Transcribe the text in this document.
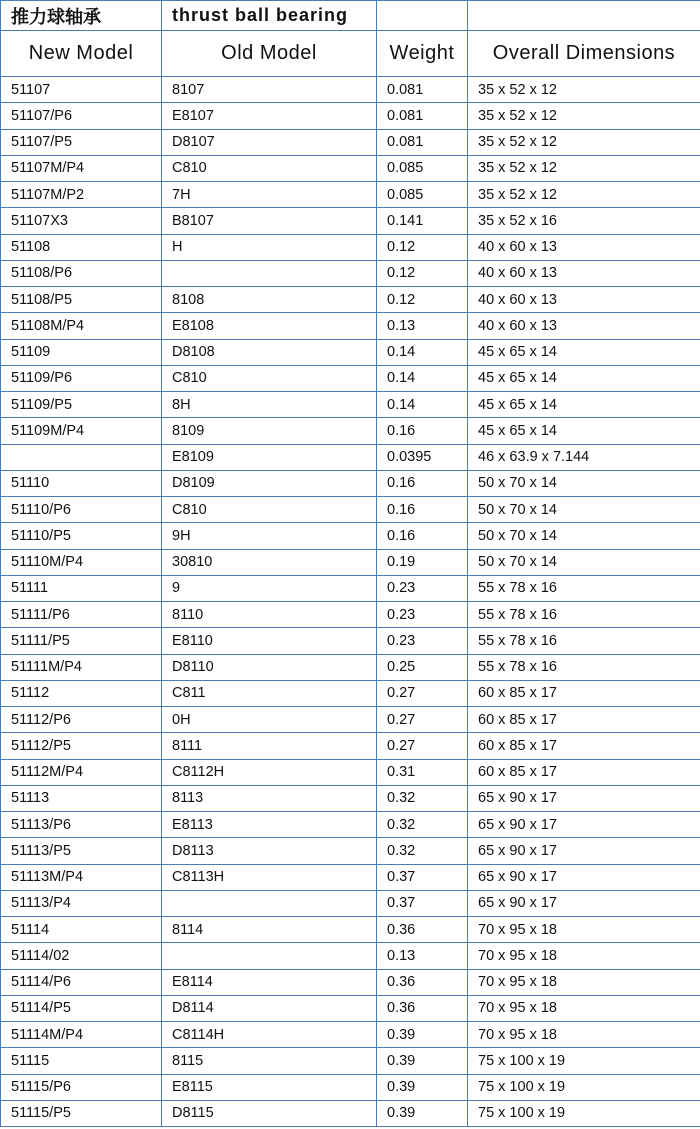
推力球轴承	thrust ball bearing		
New Model	Old Model	Weight	Overall Dimensions
51107	8107	0.081	35 x 52 x 12
51107/P6	E8107	0.081	35 x 52 x 12
51107/P5	D8107	0.081	35 x 52 x 12
51107M/P4	C810	0.085	35 x 52 x 12
51107M/P2	7H	0.085	35 x 52 x 12
51107X3	B8107	0.141	35 x 52 x 16
51108	H	0.12	40 x 60 x 13
51108/P6		0.12	40 x 60 x 13
51108/P5	8108	0.12	40 x 60 x 13
51108M/P4	E8108	0.13	40 x 60 x 13
51109	D8108	0.14	45 x 65 x 14
51109/P6	C810	0.14	45 x 65 x 14
51109/P5	8H	0.14	45 x 65 x 14
51109M/P4	8109	0.16	45 x 65 x 14
	E8109	0.0395	46 x 63.9 x 7.144
51110	D8109	0.16	50 x 70 x 14
51110/P6	C810	0.16	50 x 70 x 14
51110/P5	9H	0.16	50 x 70 x 14
51110M/P4	30810	0.19	50 x 70 x 14
51111	9	0.23	55 x 78 x 16
51111/P6	8110	0.23	55 x 78 x 16
51111/P5	E8110	0.23	55 x 78 x 16
51111M/P4	D8110	0.25	55 x 78 x 16
51112	C811	0.27	60 x 85 x 17
51112/P6	0H	0.27	60 x 85 x 17
51112/P5	8111	0.27	60 x 85 x 17
51112M/P4	C8112H	0.31	60 x 85 x 17
51113	8113	0.32	65 x 90 x 17
51113/P6	E8113	0.32	65 x 90 x 17
51113/P5	D8113	0.32	65 x 90 x 17
51113M/P4	C8113H	0.37	65 x 90 x 17
51113/P4		0.37	65 x 90 x 17
51114	8114	0.36	70 x 95 x 18
51114/02		0.13	70 x 95 x 18
51114/P6	E8114	0.36	70 x 95 x 18
51114/P5	D8114	0.36	70 x 95 x 18
51114M/P4	C8114H	0.39	70 x 95 x 18
51115	8115	0.39	75 x 100 x 19
51115/P6	E8115	0.39	75 x 100 x 19
51115/P5	D8115	0.39	75 x 100 x 19
